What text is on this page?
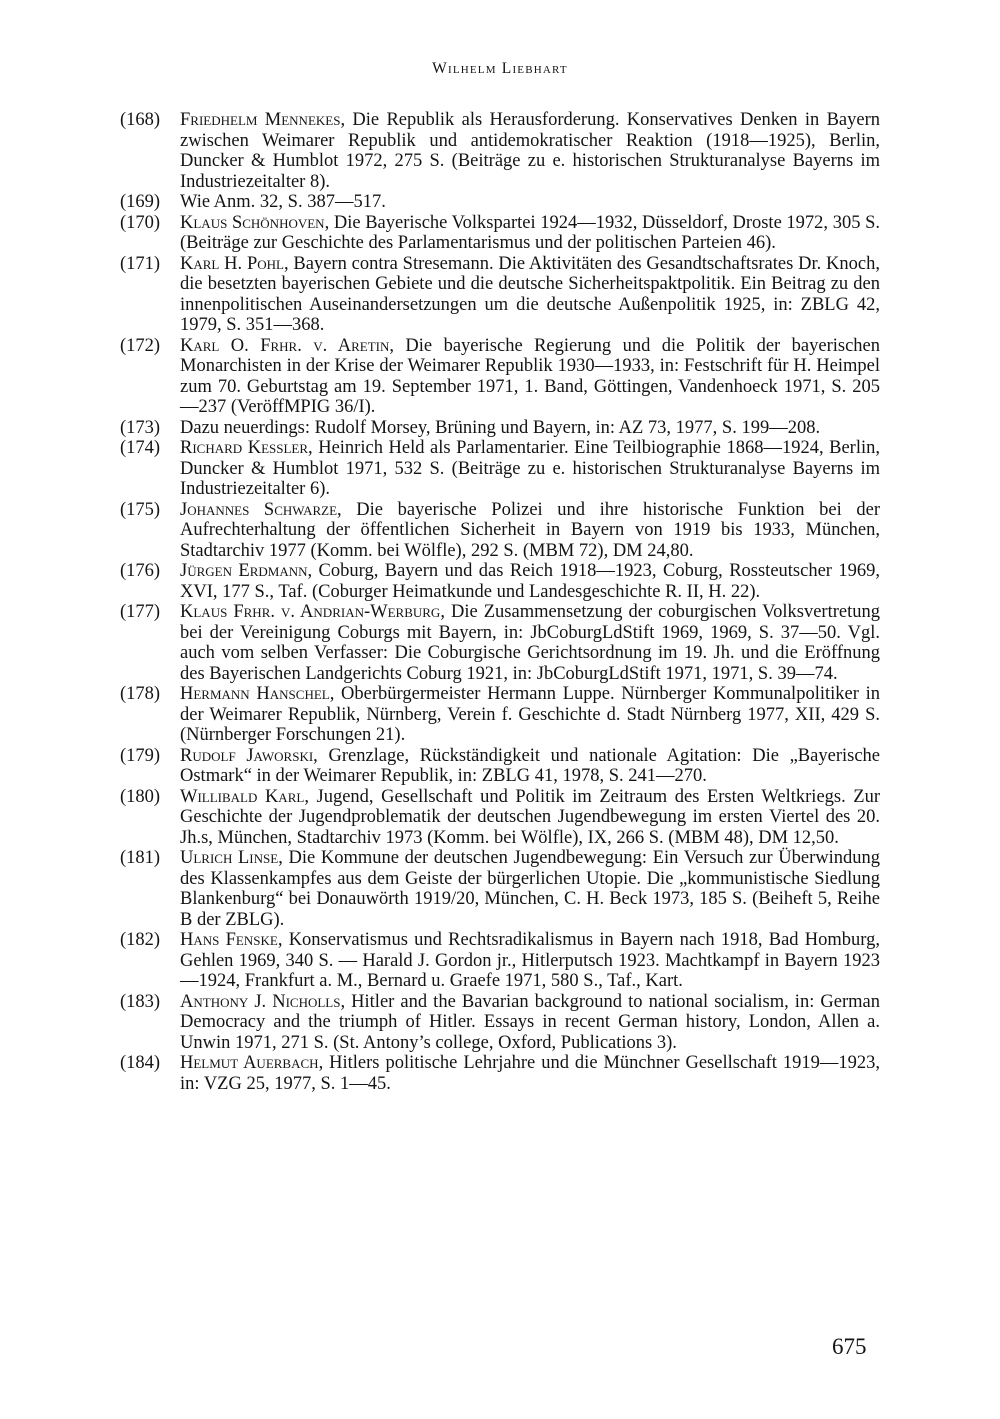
Wilhelm Liebhart
(168)	Friedhelm Mennekes, Die Republik als Herausforderung. Konservatives Denken in Bayern zwischen Weimarer Republik und antidemokratischer Reaktion (1918—1925), Berlin, Duncker & Humblot 1972, 275 S. (Beiträge zu e. historischen Strukturanalyse Bayerns im Industriezeitalter 8).
(169)	Wie Anm. 32, S. 387—517.
(170)	Klaus Schönhoven, Die Bayerische Volkspartei 1924—1932, Düsseldorf, Droste 1972, 305 S. (Beiträge zur Geschichte des Parlamentarismus und der politischen Parteien 46).
(171)	Karl H. Pohl, Bayern contra Stresemann. Die Aktivitäten des Gesandtschaftsrates Dr. Knoch, die besetzten bayerischen Gebiete und die deutsche Sicherheitspaktpolitik. Ein Beitrag zu den innenpolitischen Auseinandersetzungen um die deutsche Außenpolitik 1925, in: ZBLG 42, 1979, S. 351—368.
(172)	Karl O. Frhr. v. Aretin, Die bayerische Regierung und die Politik der bayerischen Monarchisten in der Krise der Weimarer Republik 1930—1933, in: Festschrift für H. Heimpel zum 70. Geburtstag am 19. September 1971, 1. Band, Göttingen, Vandenhoeck 1971, S. 205—237 (VeröffMPIG 36/I).
(173)	Dazu neuerdings: Rudolf Morsey, Brüning und Bayern, in: AZ 73, 1977, S. 199—208.
(174)	Richard Kessler, Heinrich Held als Parlamentarier. Eine Teilbiographie 1868—1924, Berlin, Duncker & Humblot 1971, 532 S. (Beiträge zu e. historischen Strukturanalyse Bayerns im Industriezeitalter 6).
(175)	Johannes Schwarze, Die bayerische Polizei und ihre historische Funktion bei der Aufrechterhaltung der öffentlichen Sicherheit in Bayern von 1919 bis 1933, München, Stadtarchiv 1977 (Komm. bei Wölfle), 292 S. (MBM 72), DM 24,80.
(176)	Jürgen Erdmann, Coburg, Bayern und das Reich 1918—1923, Coburg, Rossteutscher 1969, XVI, 177 S., Taf. (Coburger Heimatkunde und Landesgeschichte R. II, H. 22).
(177)	Klaus Frhr. v. Andrian-Werburg, Die Zusammensetzung der coburgischen Volksvertretung bei der Vereinigung Coburgs mit Bayern, in: JbCoburgLdStift 1969, 1969, S. 37—50. Vgl. auch vom selben Verfasser: Die Coburgische Gerichtsordnung im 19. Jh. und die Eröffnung des Bayerischen Landgerichts Coburg 1921, in: JbCoburgLdStift 1971, 1971, S. 39—74.
(178)	Hermann Hanschel, Oberbürgermeister Hermann Luppe. Nürnberger Kommunalpolitiker in der Weimarer Republik, Nürnberg, Verein f. Geschichte d. Stadt Nürnberg 1977, XII, 429 S. (Nürnberger Forschungen 21).
(179)	Rudolf Jaworski, Grenzlage, Rückständigkeit und nationale Agitation: Die „Bayerische Ostmark“ in der Weimarer Republik, in: ZBLG 41, 1978, S. 241—270.
(180)	Willibald Karl, Jugend, Gesellschaft und Politik im Zeitraum des Ersten Weltkriegs. Zur Geschichte der Jugendproblematik der deutschen Jugendbewegung im ersten Viertel des 20. Jh.s, München, Stadtarchiv 1973 (Komm. bei Wölfle), IX, 266 S. (MBM 48), DM 12,50.
(181)	Ulrich Linse, Die Kommune der deutschen Jugendbewegung: Ein Versuch zur Überwindung des Klassenkampfes aus dem Geiste der bürgerlichen Utopie. Die „kommunistische Siedlung Blankenburg“ bei Donauwörth 1919/20, München, C. H. Beck 1973, 185 S. (Beiheft 5, Reihe B der ZBLG).
(182)	Hans Fenske, Konservatismus und Rechtsradikalismus in Bayern nach 1918, Bad Homburg, Gehlen 1969, 340 S. — Harald J. Gordon jr., Hitlerputsch 1923. Machtkampf in Bayern 1923—1924, Frankfurt a. M., Bernard u. Graefe 1971, 580 S., Taf., Kart.
(183)	Anthony J. Nicholls, Hitler and the Bavarian background to national socialism, in: German Democracy and the triumph of Hitler. Essays in recent German history, London, Allen a. Unwin 1971, 271 S. (St. Antony’s college, Oxford, Publications 3).
(184)	Helmut Auerbach, Hitlers politische Lehrjahre und die Münchner Gesellschaft 1919—1923, in: VZG 25, 1977, S. 1—45.
675
